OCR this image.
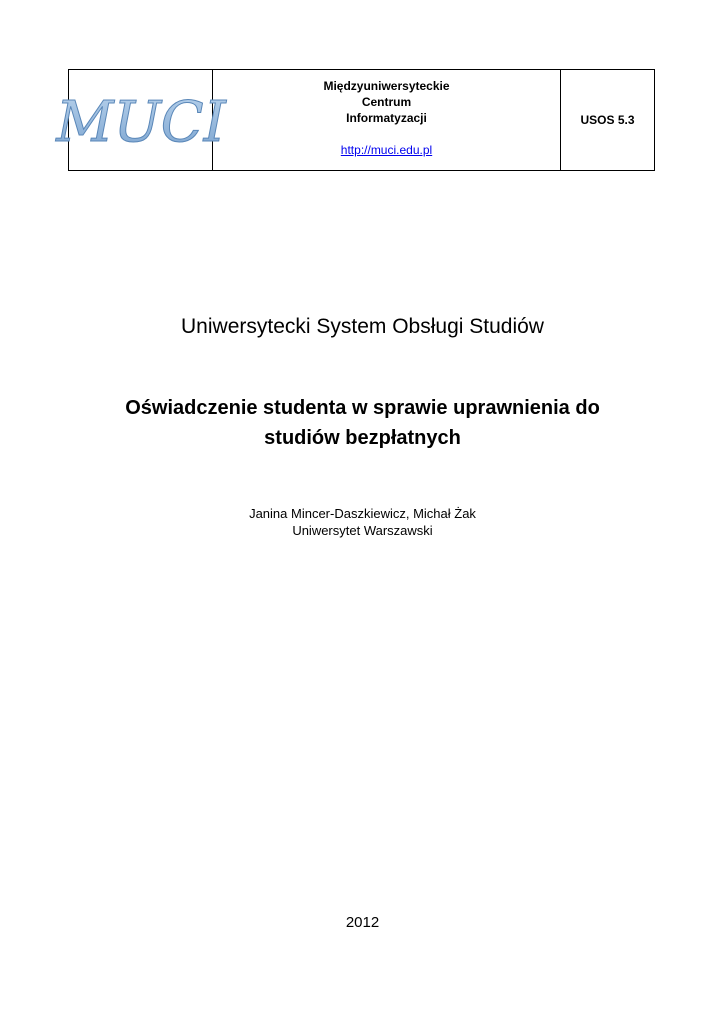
MUCI
Międzyuniwersyteckie
Centrum
Informatyzacji
http://muci.edu.pl
USOS 5.3
Uniwersytecki System Obsługi Studiów
Oświadczenie studenta w sprawie uprawnienia do
studiów bezpłatnych
Janina Mincer-Daszkiewicz, Michał Żak
Uniwersytet Warszawski
2012
